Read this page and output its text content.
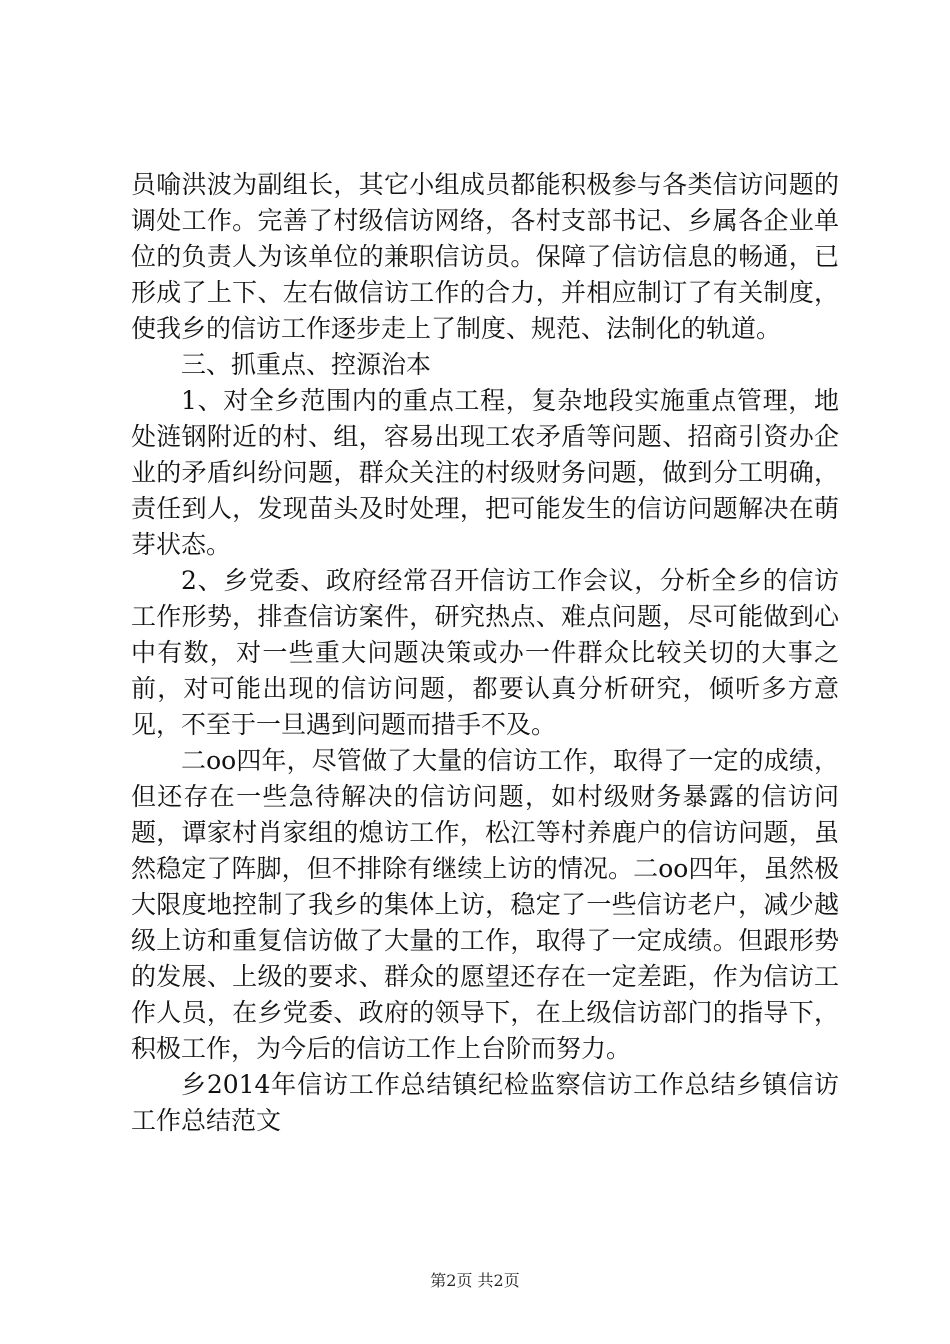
员喻洪波为副组长，其它小组成员都能积极参与各类信访问题的调处工作。完善了村级信访网络，各村支部书记、乡属各企业单位的负责人为该单位的兼职信访员。保障了信访信息的畅通，已形成了上下、左右做信访工作的合力，并相应制订了有关制度，使我乡的信访工作逐步走上了制度、规范、法制化的轨道。

三、抓重点、控源治本

1、对全乡范围内的重点工程，复杂地段实施重点管理，地处涟钢附近的村、组，容易出现工农矛盾等问题、招商引资办企业的矛盾纠纷问题，群众关注的村级财务问题，做到分工明确，责任到人，发现苗头及时处理，把可能发生的信访问题解决在萌芽状态。

2、乡党委、政府经常召开信访工作会议，分析全乡的信访工作形势，排查信访案件，研究热点、难点问题，尽可能做到心中有数，对一些重大问题决策或办一件群众比较关切的大事之前，对可能出现的信访问题，都要认真分析研究，倾听多方意见，不至于一旦遇到问题而措手不及。

二oo四年，尽管做了大量的信访工作，取得了一定的成绩，但还存在一些急待解决的信访问题，如村级财务暴露的信访问题，谭家村肖家组的熄访工作，松江等村养鹿户的信访问题，虽然稳定了阵脚，但不排除有继续上访的情况。二oo四年，虽然极大限度地控制了我乡的集体上访，稳定了一些信访老户，减少越级上访和重复信访做了大量的工作，取得了一定成绩。但跟形势的发展、上级的要求、群众的愿望还存在一定差距，作为信访工作人员，在乡党委、政府的领导下，在上级信访部门的指导下，积极工作，为今后的信访工作上台阶而努力。

乡2014年信访工作总结镇纪检监察信访工作总结乡镇信访工作总结范文

第2页 共2页
